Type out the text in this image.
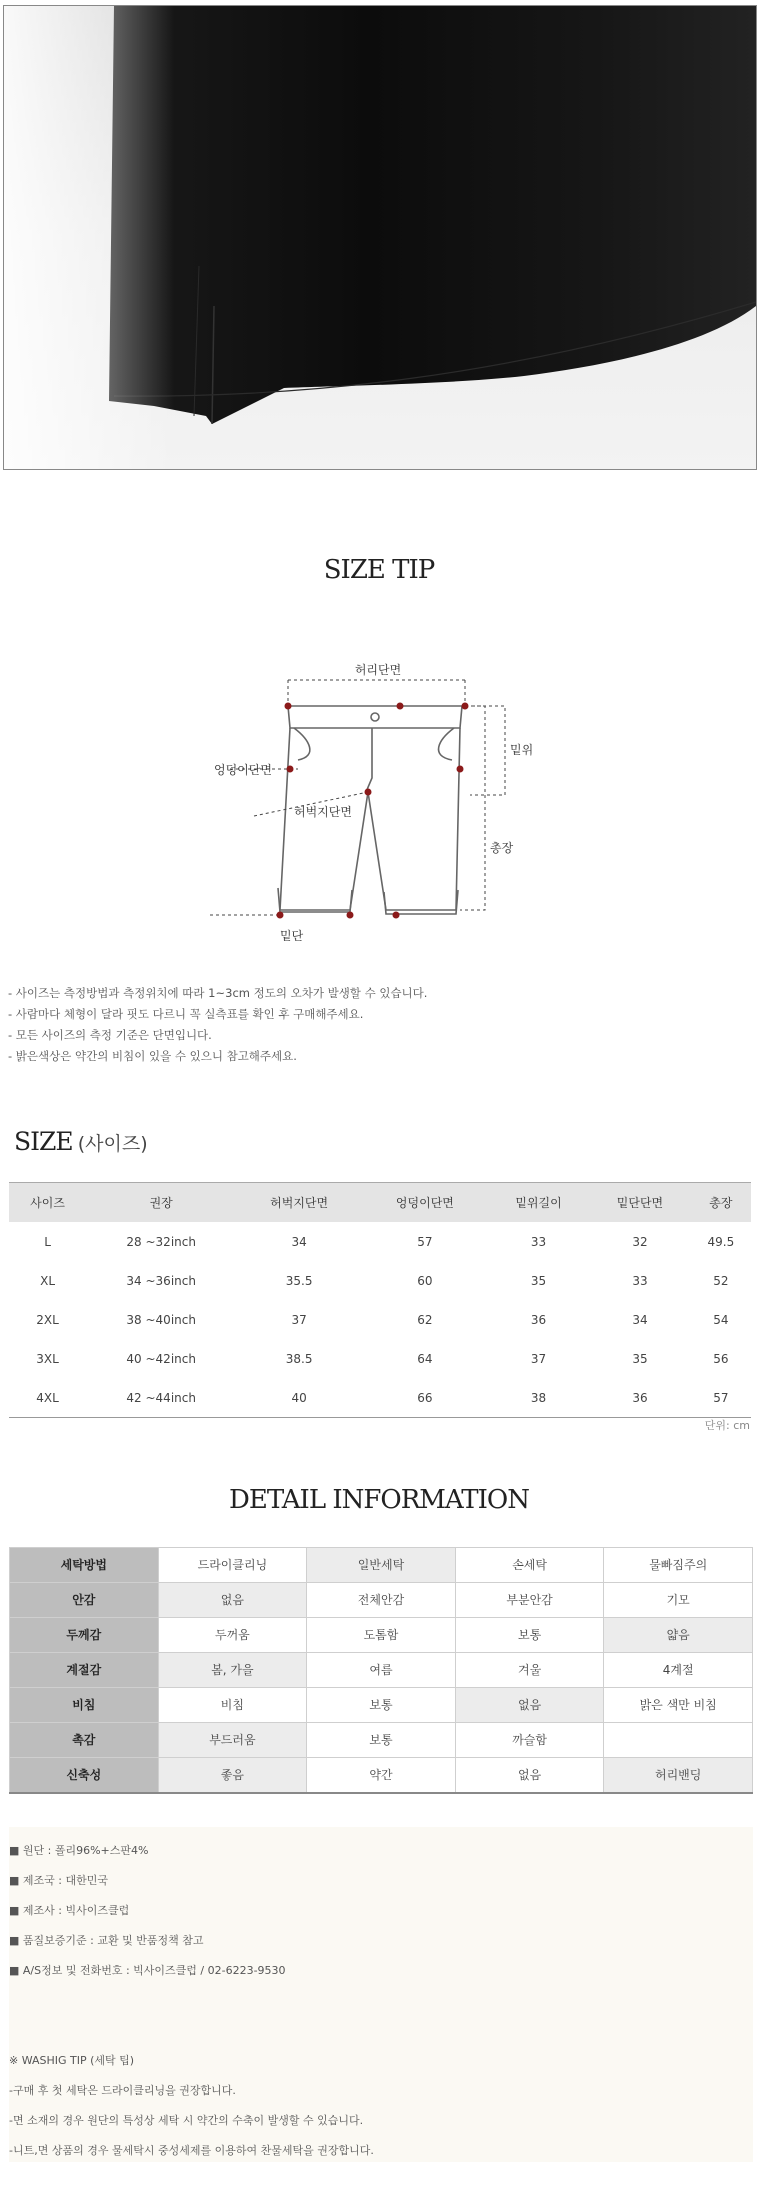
SIZE TIP
허리단면
밑위
엉덩이단면
허벅지단면
총장
밑단
- 사이즈는 측정방법과 측정위치에 따라 1~3cm 정도의 오차가 발생할 수 있습니다.
- 사람마다 체형이 달라 핏도 다르니 꼭 실측표를 확인 후 구매해주세요.
- 모든 사이즈의 측정 기준은 단면입니다.
- 밝은색상은 약간의 비침이 있을 수 있으니 참고해주세요.
SIZE (사이즈)
사이즈	권장	허벅지단면	엉덩이단면	밑위길이	밑단단면	총장
L	28 ~32inch	34	57	33	32	49.5
XL	34 ~36inch	35.5	60	35	33	52
2XL	38 ~40inch	37	62	36	34	54
3XL	40 ~42inch	38.5	64	37	35	56
4XL	42 ~44inch	40	66	38	36	57
단위: cm
DETAIL INFORMATION
세탁방법	드라이클리닝	일반세탁	손세탁	물빠짐주의
안감	없음	전체안감	부분안감	기모
두께감	두꺼움	도톰함	보통	얇음
계절감	봄, 가을	여름	겨울	4계절
비침	비침	보통	없음	밝은 색만 비침
촉감	부드러움	보통	까슬함	
신축성	좋음	약간	없음	허리밴딩
■ 원단 : 폴리96%+스판4%
■ 제조국 : 대한민국
■ 제조사 : 빅사이즈클럽
■ 품질보증기준 : 교환 및 반품정책 참고
■ A/S정보 및 전화번호 : 빅사이즈클럽 / 02-6223-9530
※ WASHIG TIP (세탁 팁)
-구매 후 첫 세탁은 드라이클리닝을 권장합니다.
-면 소재의 경우 원단의 특성상 세탁 시 약간의 수축이 발생할 수 있습니다.
-니트,면 상품의 경우 물세탁시 중성세제를 이용하여 찬물세탁을 권장합니다.
